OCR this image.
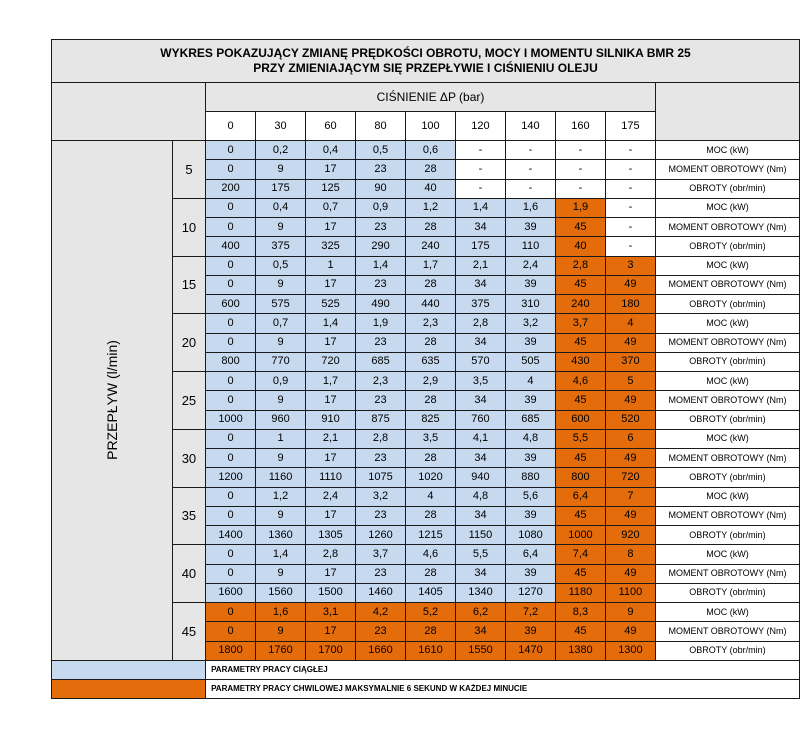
WYKRES POKAZUJĄCY ZMIANĘ PRĘDKOŚCI OBROTU, MOCY I MOMENTU SILNIKA BMR 25
PRZY ZMIENIAJĄCYM SIĘ PRZEPŁYWIE I CIŚNIENIU OLEJU											

		CIŚNIENIE ΔP (bar)									
		0	30	60	80	100	120	140	160	175	
PRZEPŁYW (l/min)	5	0	0,2	0,4	0,5	0,6	-	-	-	-	MOC (kW)
		0	9	17	23	28	-	-	-	-	MOMENT OBROTOWY (Nm)
		200	175	125	90	40	-	-	-	-	OBROTY (obr/min)
	10	0	0,4	0,7	0,9	1,2	1,4	1,6	1,9	-	MOC (kW)
		0	9	17	23	28	34	39	45	-	MOMENT OBROTOWY (Nm)
		400	375	325	290	240	175	110	40	-	OBROTY (obr/min)
	15	0	0,5	1	1,4	1,7	2,1	2,4	2,8	3	MOC (kW)
		0	9	17	23	28	34	39	45	49	MOMENT OBROTOWY (Nm)
		600	575	525	490	440	375	310	240	180	OBROTY (obr/min)
	20	0	0,7	1,4	1,9	2,3	2,8	3,2	3,7	4	MOC (kW)
		0	9	17	23	28	34	39	45	49	MOMENT OBROTOWY (Nm)
		800	770	720	685	635	570	505	430	370	OBROTY (obr/min)
	25	0	0,9	1,7	2,3	2,9	3,5	4	4,6	5	MOC (kW)
		0	9	17	23	28	34	39	45	49	MOMENT OBROTOWY (Nm)
		1000	960	910	875	825	760	685	600	520	OBROTY (obr/min)
	30	0	1	2,1	2,8	3,5	4,1	4,8	5,5	6	MOC (kW)
		0	9	17	23	28	34	39	45	49	MOMENT OBROTOWY (Nm)
		1200	1160	1110	1075	1020	940	880	800	720	OBROTY (obr/min)
	35	0	1,2	2,4	3,2	4	4,8	5,6	6,4	7	MOC (kW)
		0	9	17	23	28	34	39	45	49	MOMENT OBROTOWY (Nm)
		1400	1360	1305	1260	1215	1150	1080	1000	920	OBROTY (obr/min)
	40	0	1,4	2,8	3,7	4,6	5,5	6,4	7,4	8	MOC (kW)
		0	9	17	23	28	34	39	45	49	MOMENT OBROTOWY (Nm)
		1600	1560	1500	1460	1405	1340	1270	1180	1100	OBROTY (obr/min)
	45	0	1,6	3,1	4,2	5,2	6,2	7,2	8,3	9	MOC (kW)
		0	9	17	23	28	34	39	45	49	MOMENT OBROTOWY (Nm)
		1800	1760	1700	1660	1610	1550	1470	1380	1300	OBROTY (obr/min)
		PARAMETRY PRACY CIĄGŁEJ									
		PARAMETRY PRACY CHWILOWEJ MAKSYMALNIE 6 SEKUND W KAŻDEJ MINUCIE									
